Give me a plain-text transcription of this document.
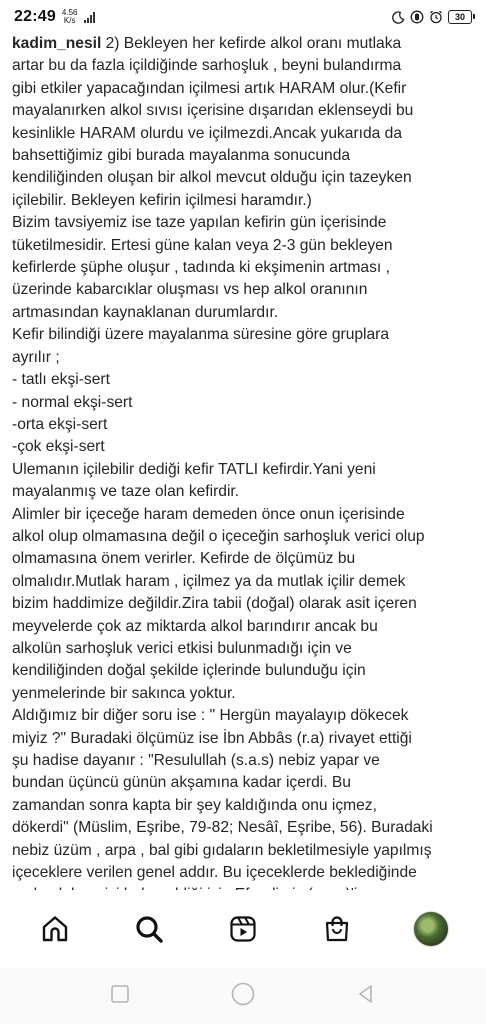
22:49 4.56
K/s	30

kadim_nesil 2) Bekleyen her kefirde alkol oranı mutlaka

artar bu da fazla içildiğinde sarhoşluk , beyni bulandırma

gibi etkiler yapacağından içilmesi artık HARAM olur.(Kefir

mayalanırken alkol sıvısı içerisine dışarıdan eklenseydi bu

kesinlikle HARAM olurdu ve içilmezdi.Ancak yukarıda da

bahsettiğimiz gibi burada mayalanma sonucunda

kendiliğinden oluşan bir alkol mevcut olduğu için tazeyken

içilebilir. Bekleyen kefirin içilmesi haramdır.)

Bizim tavsiyemiz ise taze yapılan kefirin gün içerisinde

tüketilmesidir. Ertesi güne kalan veya 2-3 gün bekleyen

kefirlerde şüphe oluşur , tadında ki ekşimenin artması ,

üzerinde kabarcıklar oluşması vs hep alkol oranının

artmasından kaynaklanan durumlardır.

Kefir bilindiği üzere mayalanma süresine göre gruplara

ayrılır ;

- tatlı ekşi-sert

- normal ekşi-sert

-orta ekşi-sert

-çok ekşi-sert

Ulemanın içilebilir dediği kefir TATLI kefirdir.Yani yeni

mayalanmış ve taze olan kefirdir.

Alimler bir içeceğe haram demeden önce onun içerisinde

alkol olup olmamasına değil o içeceğin sarhoşluk verici olup

olmamasına önem verirler. Kefirde de ölçümüz bu

olmalıdır.Mutlak haram , içilmez ya da mutlak içilir demek

bizim haddimize değildir.Zira tabii (doğal) olarak asit içeren

meyvelerde çok az miktarda alkol barındırır ancak bu

alkolün sarhoşluk verici etkisi bulunmadığı için ve

kendiliğinden doğal şekilde içlerinde bulunduğu için

yenmelerinde bir sakınca yoktur.

Aldığımız bir diğer soru ise : " Hergün mayalayıp dökecek

miyiz ?" Buradaki ölçümüz ise İbn Abbâs (r.a) rivayet ettiği

şu hadise dayanır : "Resulullah (s.a.s) nebiz yapar ve

bundan üçüncü günün akşamına kadar içerdi. Bu

zamandan sonra kapta bir şey kaldığında onu içmez,

dökerdi" (Müslim, Eşribe, 79-82; Nesâî, Eşribe, 56). Buradaki

nebiz üzüm , arpa , bal gibi gıdaların bekletilmesiyle yapılmış

içeceklere verilen genel addır. Bu içeceklerde beklediğinde
